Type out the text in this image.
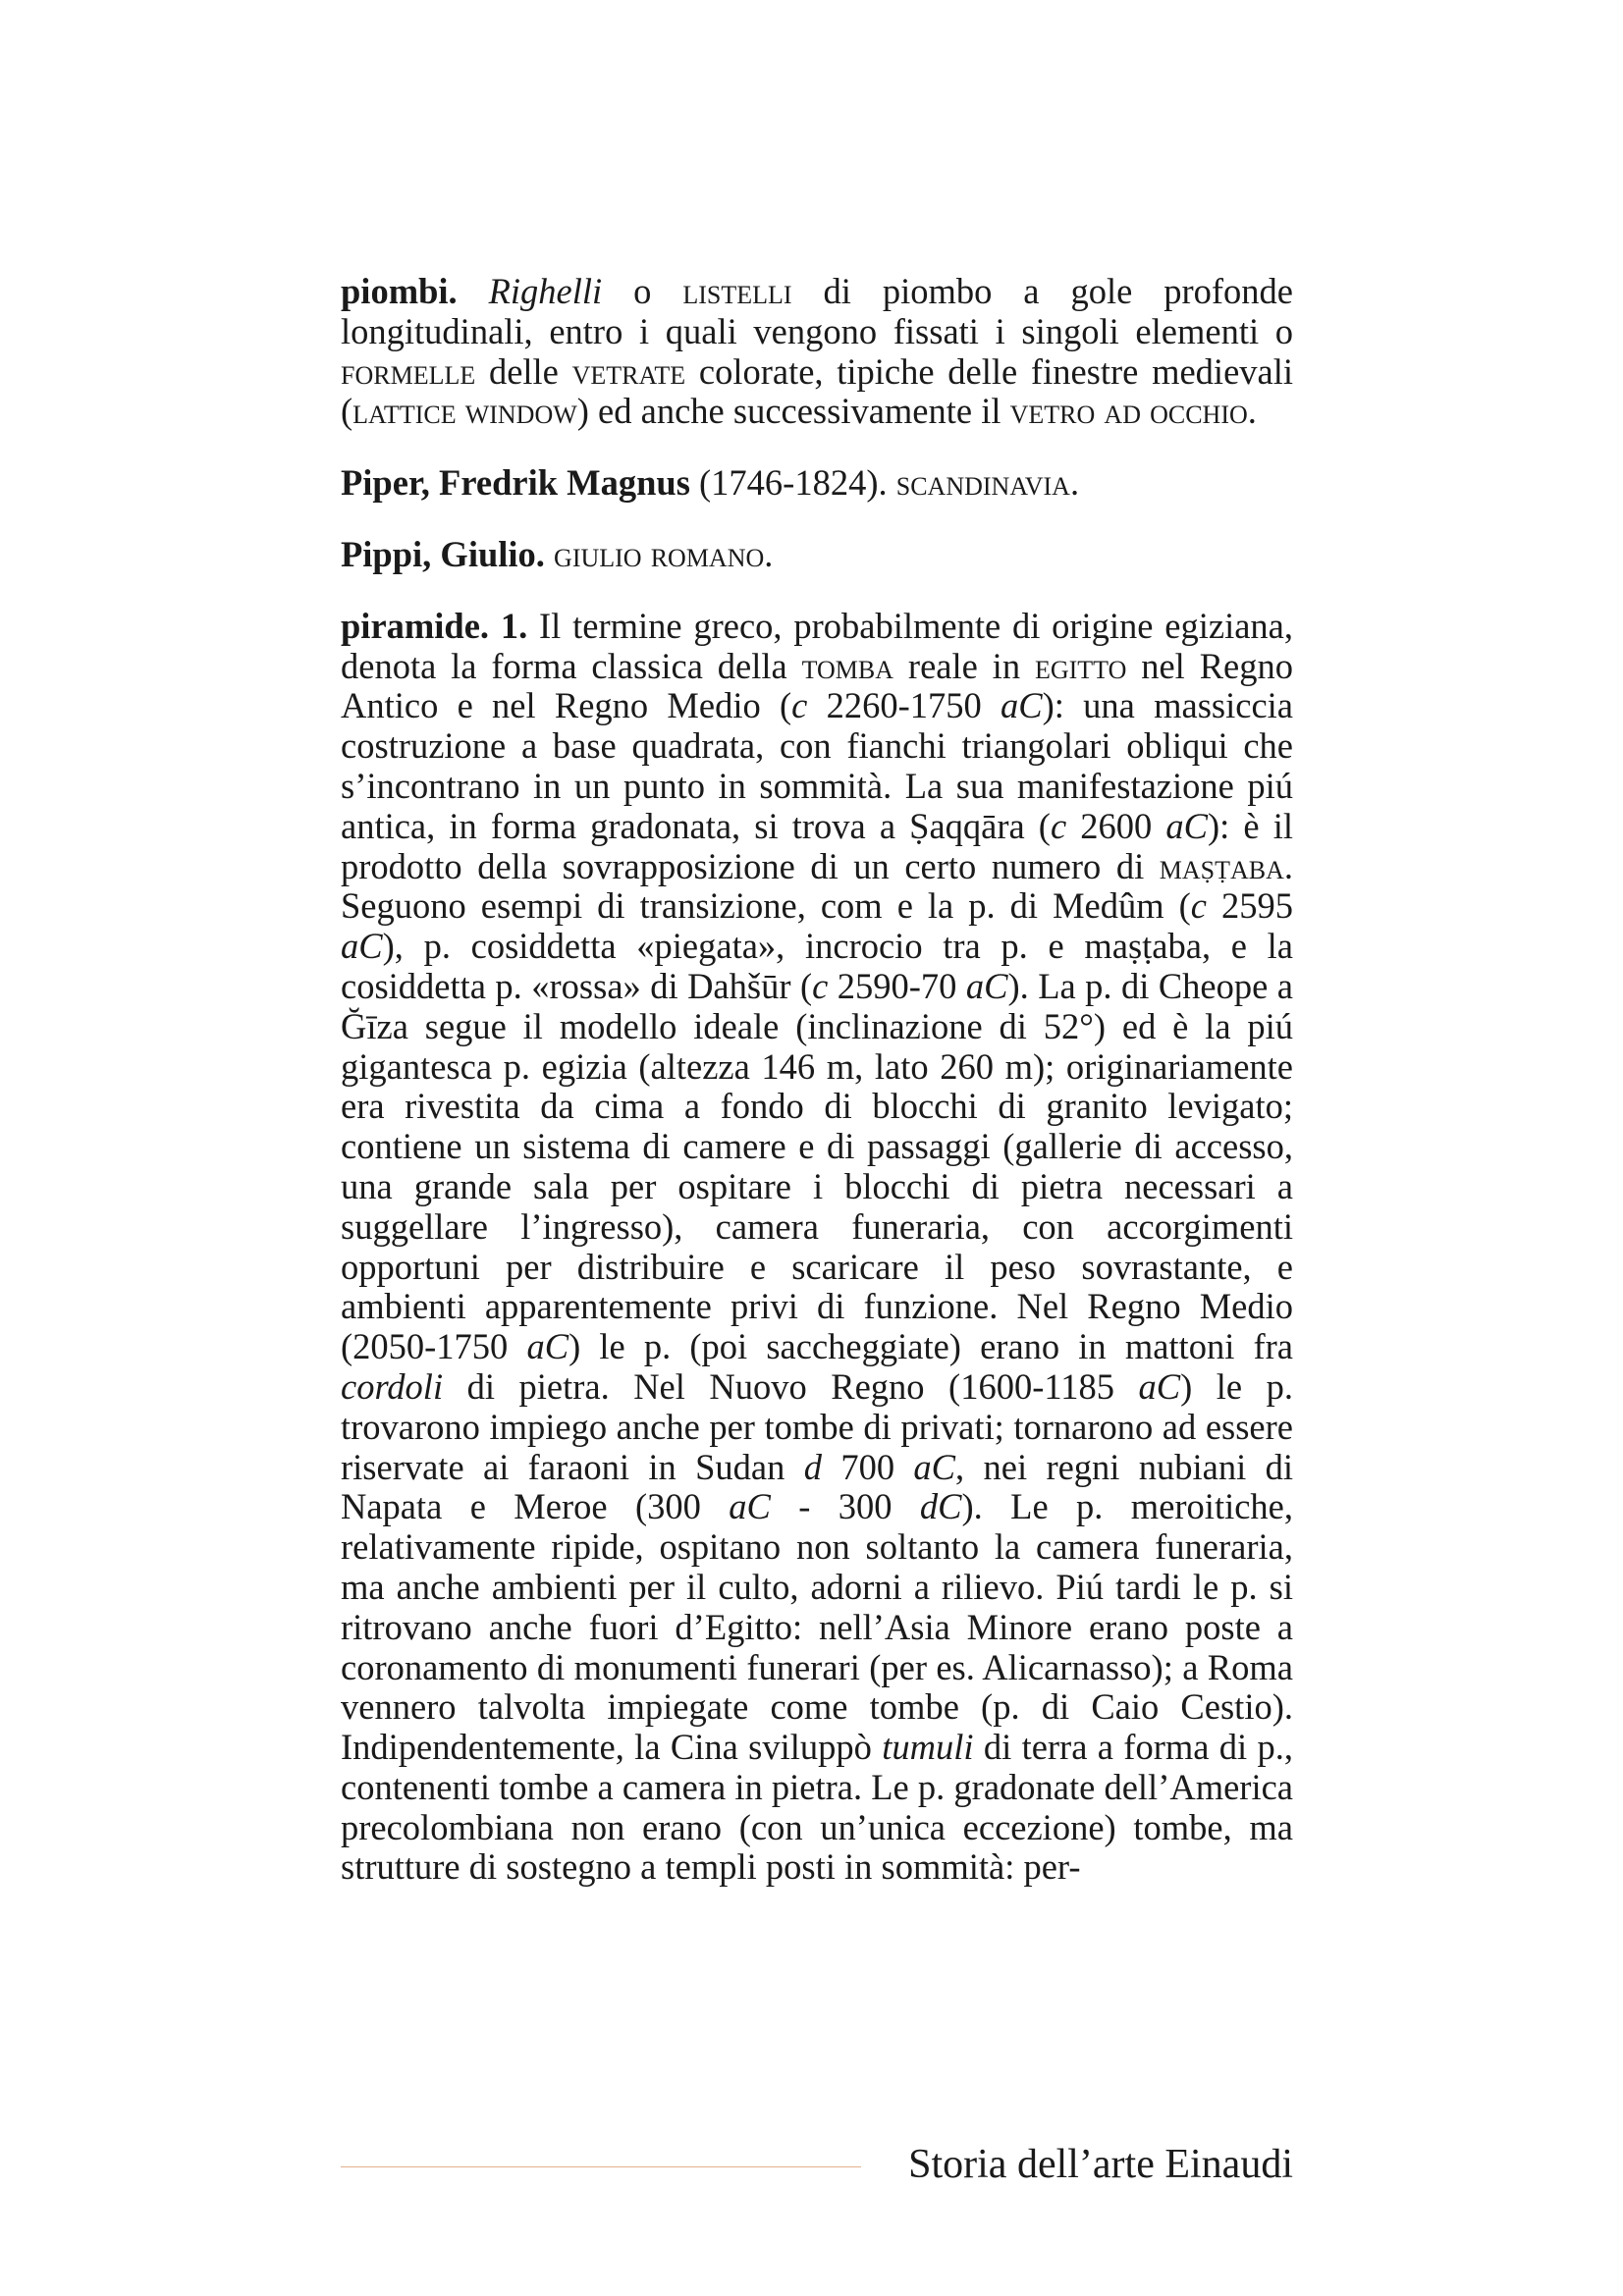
piombi. Righelli o listelli di piombo a gole profonde longitudinali, entro i quali vengono fissati i singoli elementi o formelle delle vetrate colorate, tipiche delle finestre medievali (lattice window) ed anche successivamente il vetro ad occhio.

Piper, Fredrik Magnus (1746-1824). scandinavia.

Pippi, Giulio. giulio romano.

piramide. 1. Il termine greco, probabilmente di origine egiziana, denota la forma classica della tomba reale in egitto nel Regno Antico e nel Regno Medio (c 2260-1750 aC): una massiccia costruzione a base quadrata, con fianchi triangolari obliqui che s’incontrano in un punto in sommità. La sua manifestazione piú antica, in forma gradonata, si trova a Ṣaqqāra (c 2600 aC): è il prodotto della sovrapposizione di un certo numero di maṣṭaba. Seguono esempi di transizione, com e la p. di Medûm (c 2595 aC), p. cosiddetta «piegata», incrocio tra p. e maṣṭaba, e la cosiddetta p. «rossa» di Dahšūr (c 2590-70 aC). La p. di Cheope a Ğīza segue il modello ideale (inclinazione di 52°) ed è la piú gigantesca p. egizia (altezza 146 m, lato 260 m); originariamente era rivestita da cima a fondo di blocchi di granito levigato; contiene un sistema di camere e di passaggi (gallerie di accesso, una grande sala per ospitare i blocchi di pietra necessari a suggellare l’ingresso), camera funeraria, con accorgimenti opportuni per distribuire e scaricare il peso sovrastante, e ambienti apparentemente privi di funzione. Nel Regno Medio (2050-1750 aC) le p. (poi saccheggiate) erano in mattoni fra cordoli di pietra. Nel Nuovo Regno (1600-1185 aC) le p. trovarono impiego anche per tombe di privati; tornarono ad essere riservate ai faraoni in Sudan d 700 aC, nei regni nubiani di Napata e Meroe (300 aC - 300 dC). Le p. meroitiche, relativamente ripide, ospitano non soltanto la camera funeraria, ma anche ambienti per il culto, adorni a rilievo. Piú tardi le p. si ritrovano anche fuori d’Egitto: nell’Asia Minore erano poste a coronamento di monumenti funerari (per es. Alicarnasso); a Roma vennero talvolta impiegate come tombe (p. di Caio Cestio). Indipendentemente, la Cina sviluppò tumuli di terra a forma di p., contenenti tombe a camera in pietra. Le p. gradonate dell’America precolombiana non erano (con un’unica eccezione) tombe, ma strutture di sostegno a templi posti in sommità: per-

Storia dell’arte Einaudi
